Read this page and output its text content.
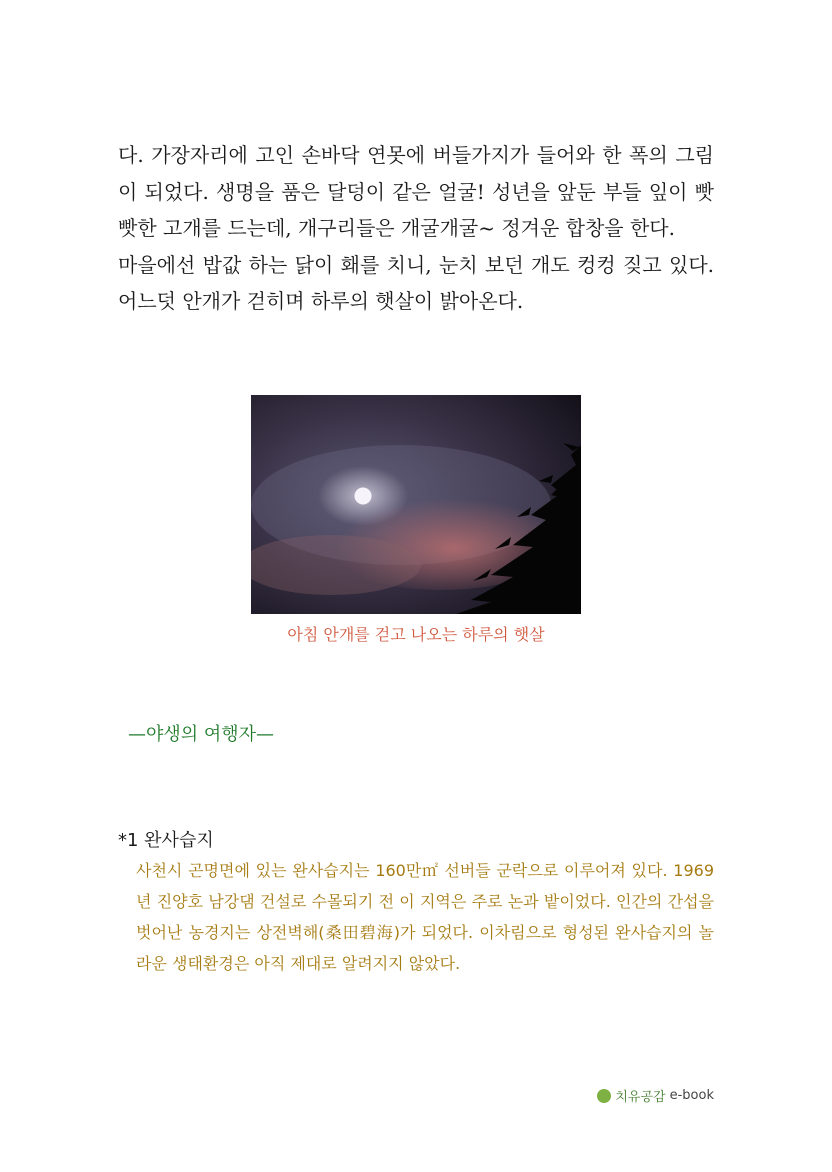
다. 가장자리에 고인 손바닥 연못에 버들가지가 들어와 한 폭의 그림이 되었다. 생명을 품은 달덩이 같은 얼굴! 성년을 앞둔 부들 잎이 빳빳한 고개를 드는데, 개구리들은 개굴개굴~ 정겨운 합창을 한다.

마을에선 밥값 하는 닭이 홰를 치니, 눈치 보던 개도 컹컹 짖고 있다. 어느덧 안개가 걷히며 하루의 햇살이 밝아온다.

아침 안개를 걷고 나오는 하루의 햇살
—야생의 여행자—
*1 완사습지
사천시 곤명면에 있는 완사습지는 160만㎡ 선버들 군락으로 이루어져 있다. 1969년 진양호 남강댐 건설로 수몰되기 전 이 지역은 주로 논과 밭이었다. 인간의 간섭을 벗어난 농경지는 상전벽해(桑田碧海)가 되었다. 이차림으로 형성된 완사습지의 놀라운 생태환경은 아직 제대로 알려지지 않았다.
치유공감 e-book
